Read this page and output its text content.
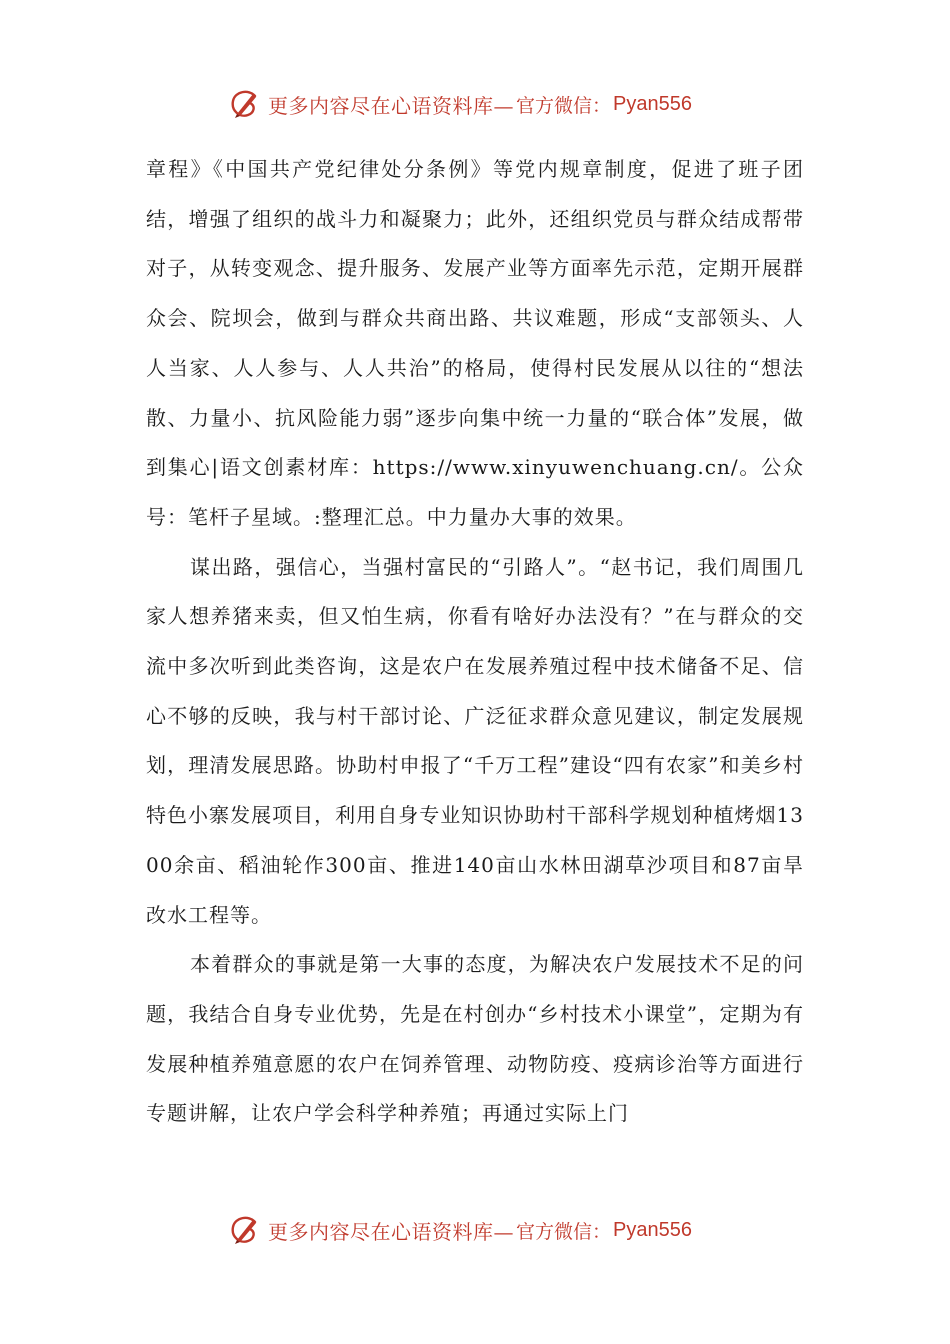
更多内容尽在心语资料库— 官方微信： Pyan556

章程》《中国共产党纪律处分条例》等党内规章制度，促进了班子团结，增强了组织的战斗力和凝聚力；此外，还组织党员与群众结成帮带对子，从转变观念、提升服务、发展产业等方面率先示范，定期开展群众会、院坝会，做到与群众共商出路、共议难题，形成“支部领头、人人当家、人人参与、人人共治”的格局，使得村民发展从以往的“想法散、力量小、抗风险能力弱”逐步向集中统一力量的“联合体”发展，做到集心|语文创素材库：https://www.xinyuwenchuang.cn/。公众号：笔杆子星域。:整理汇总。中力量办大事的效果。

谋出路，强信心，当强村富民的“引路人”。“赵书记，我们周围几家人想养猪来卖，但又怕生病，你看有啥好办法没有？”在与群众的交流中多次听到此类咨询，这是农户在发展养殖过程中技术储备不足、信心不够的反映，我与村干部讨论、广泛征求群众意见建议，制定发展规划，理清发展思路。协助村申报了“千万工程”建设“四有农家”和美乡村特色小寨发展项目，利用自身专业知识协助村干部科学规划种植烤烟1300余亩、稻油轮作300亩、推进140亩山水林田湖草沙项目和87亩旱改水工程等。

本着群众的事就是第一大事的态度，为解决农户发展技术不足的问题，我结合自身专业优势，先是在村创办“乡村技术小课堂”，定期为有发展种植养殖意愿的农户在饲养管理、动物防疫、疫病诊治等方面进行专题讲解，让农户学会科学种养殖；再通过实际上门

更多内容尽在心语资料库— 官方微信： Pyan556
